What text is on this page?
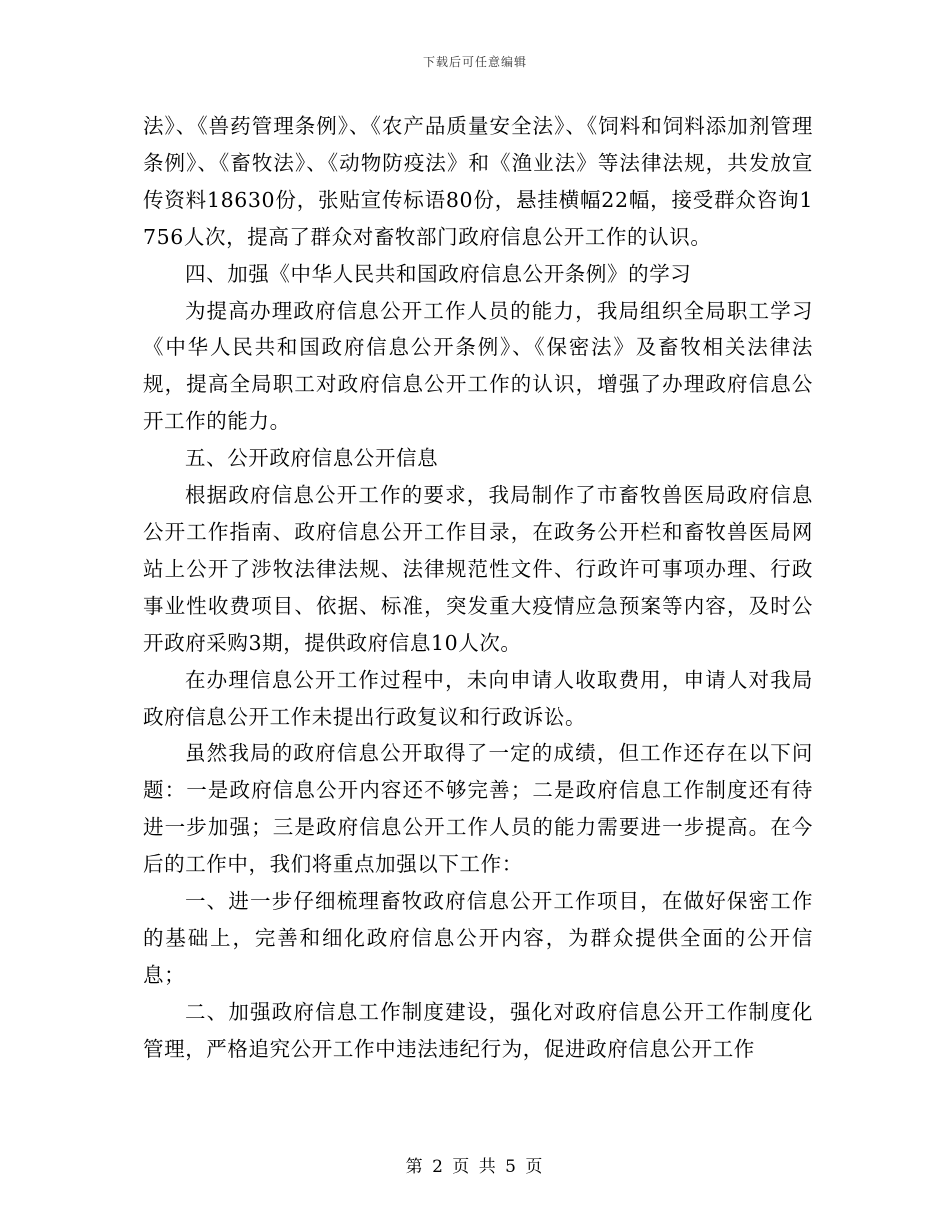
下载后可任意编辑

法》、《兽药管理条例》、《农产品质量安全法》、《饲料和饲料添加剂管理条例》、《畜牧法》、《动物防疫法》和《渔业法》等法律法规，共发放宣传资料18630份，张贴宣传标语80份，悬挂横幅22幅，接受群众咨询1756人次，提高了群众对畜牧部门政府信息公开工作的认识。

四、加强《中华人民共和国政府信息公开条例》的学习

为提高办理政府信息公开工作人员的能力，我局组织全局职工学习《中华人民共和国政府信息公开条例》、《保密法》及畜牧相关法律法规，提高全局职工对政府信息公开工作的认识，增强了办理政府信息公开工作的能力。

五、公开政府信息公开信息

根据政府信息公开工作的要求，我局制作了市畜牧兽医局政府信息公开工作指南、政府信息公开工作目录，在政务公开栏和畜牧兽医局网站上公开了涉牧法律法规、法律规范性文件、行政许可事项办理、行政事业性收费项目、依据、标准，突发重大疫情应急预案等内容，及时公开政府采购3期，提供政府信息10人次。

在办理信息公开工作过程中，未向申请人收取费用，申请人对我局政府信息公开工作未提出行政复议和行政诉讼。

虽然我局的政府信息公开取得了一定的成绩，但工作还存在以下问题：一是政府信息公开内容还不够完善；二是政府信息工作制度还有待进一步加强；三是政府信息公开工作人员的能力需要进一步提高。在今后的工作中，我们将重点加强以下工作：

一、进一步仔细梳理畜牧政府信息公开工作项目，在做好保密工作的基础上，完善和细化政府信息公开内容，为群众提供全面的公开信息；

二、加强政府信息工作制度建设，强化对政府信息公开工作制度化管理，严格追究公开工作中违法违纪行为，促进政府信息公开工作

第 2 页 共 5 页
